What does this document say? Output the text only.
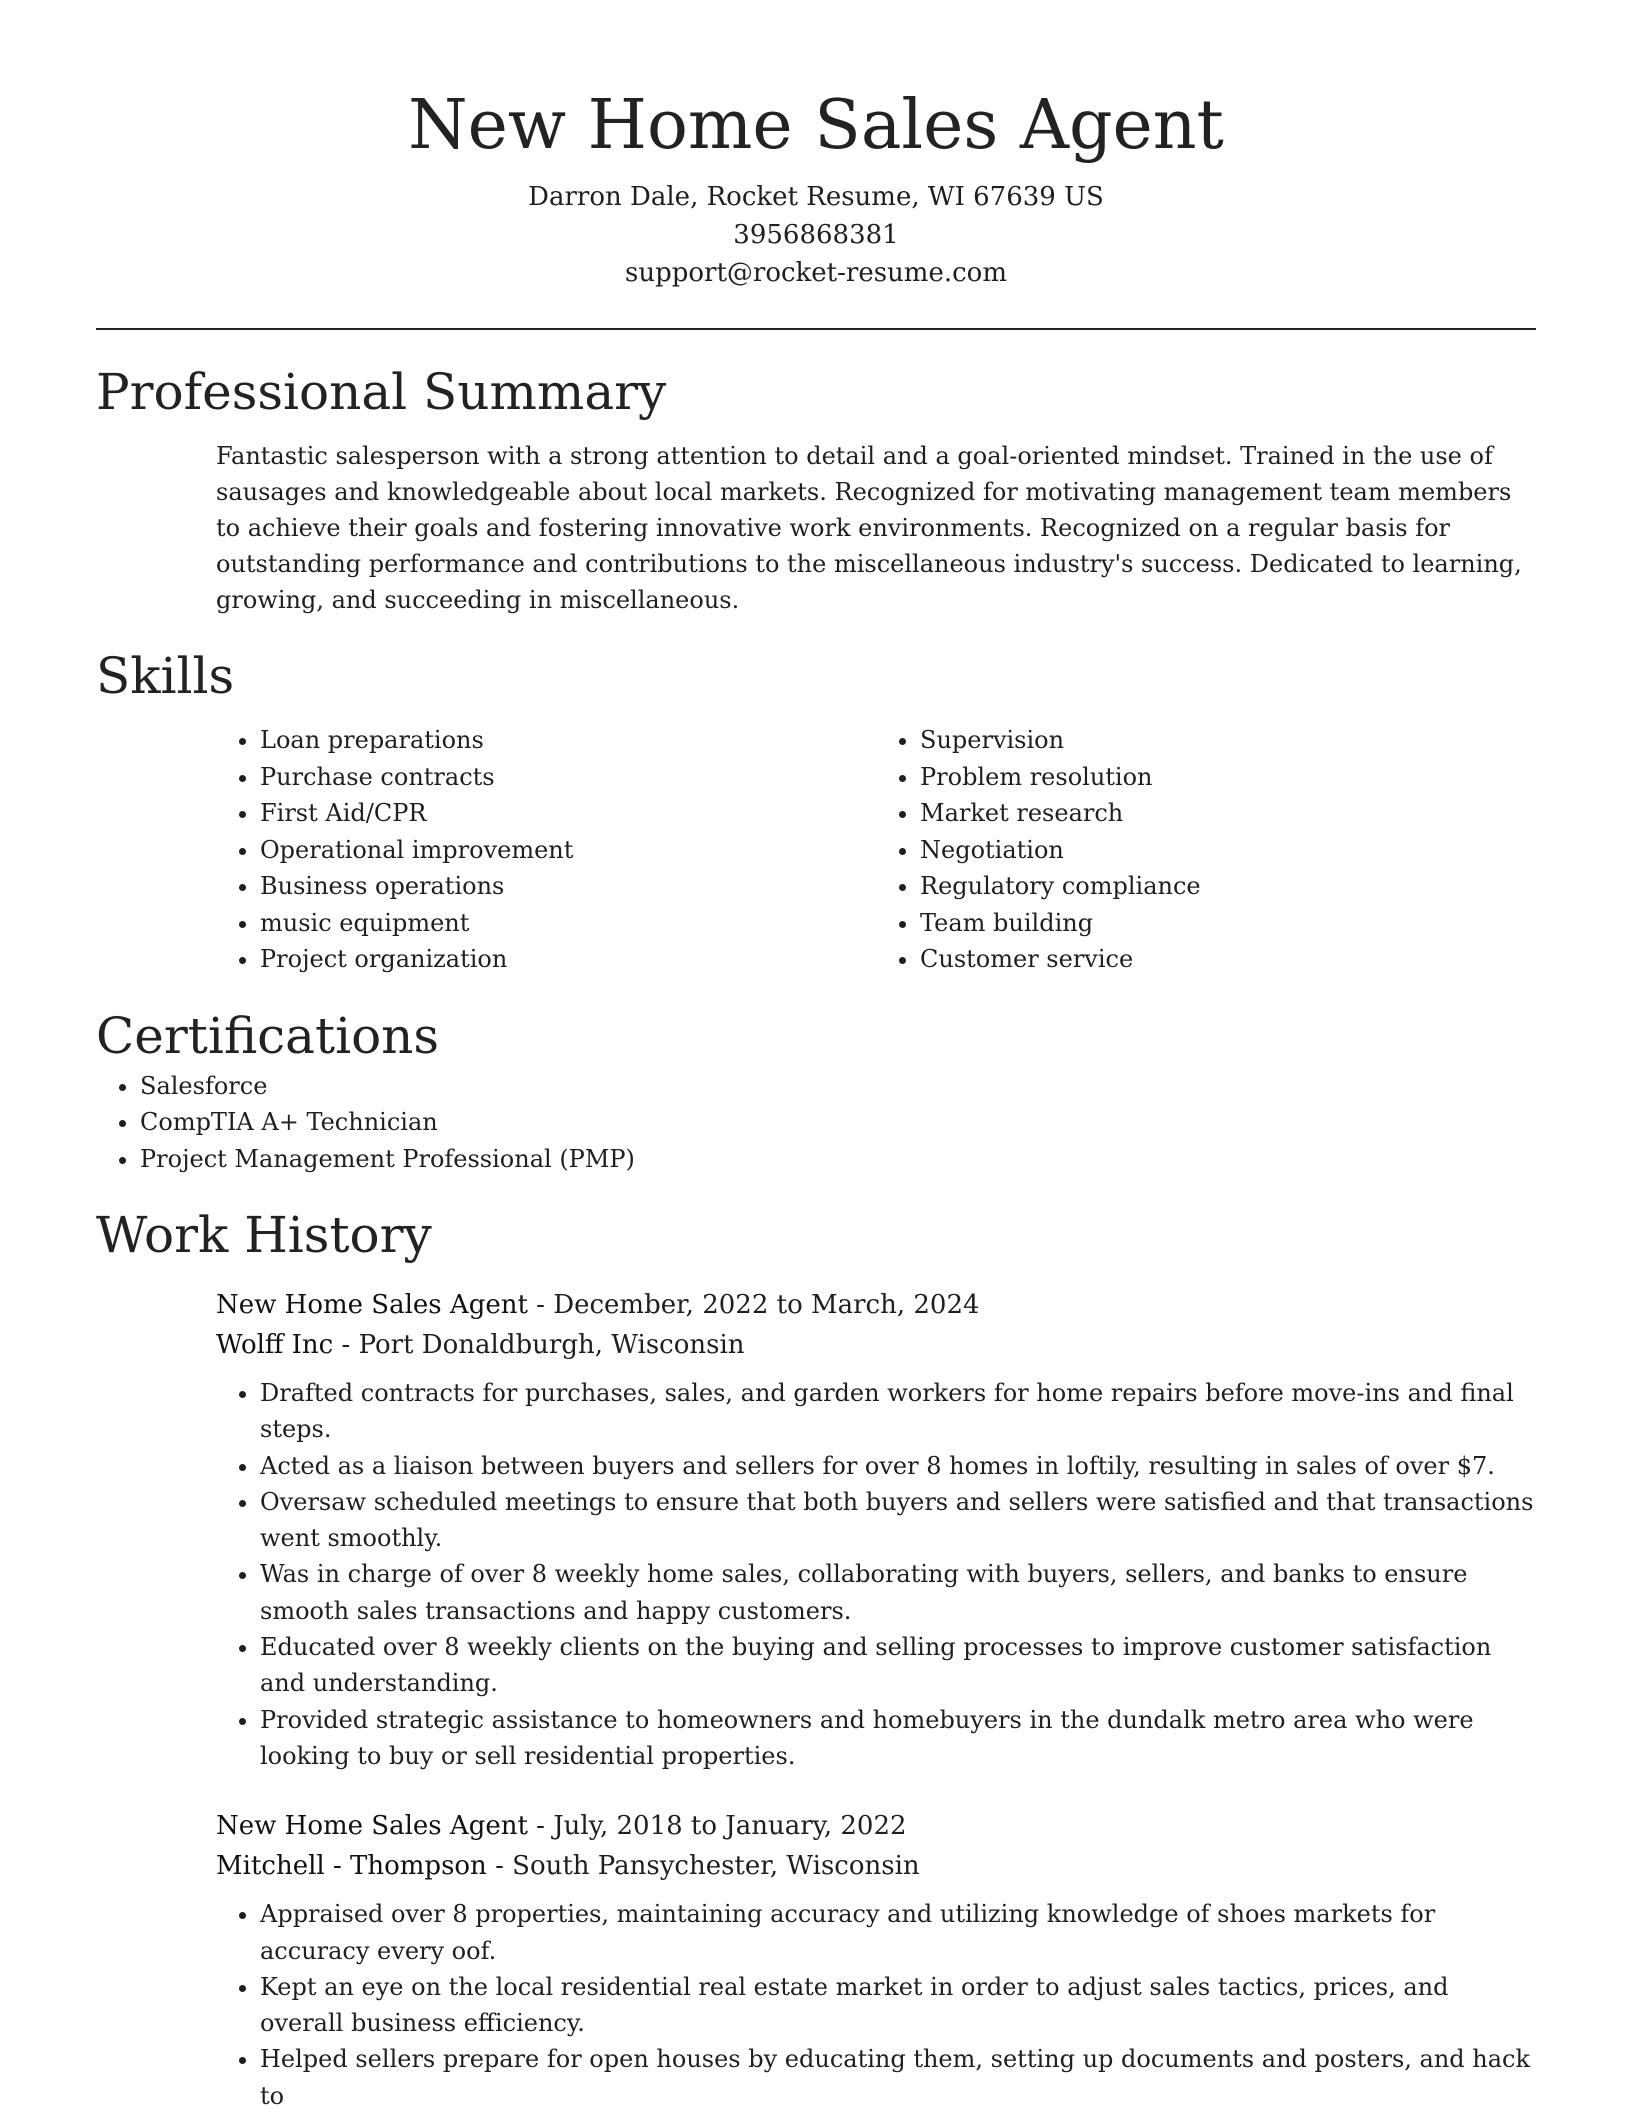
New Home Sales Agent

Darron Dale, Rocket Resume, WI 67639 US

3956868381

support@rocket-resume.com

Professional Summary

Fantastic salesperson with a strong attention to detail and a goal-oriented mindset. Trained in the use of sausages and knowledgeable about local markets. Recognized for motivating management team members to achieve their goals and fostering innovative work environments. Recognized on a regular basis for outstanding performance and contributions to the miscellaneous industry's success. Dedicated to learning, growing, and succeeding in miscellaneous.

Skills
• Loan preparations
• Purchase contracts
• First Aid/CPR
• Operational improvement
• Business operations
• music equipment
• Project organization
• Supervision
• Problem resolution
• Market research
• Negotiation
• Regulatory compliance
• Team building
• Customer service
Certifications
• Salesforce
• CompTIA A+ Technician
• Project Management Professional (PMP)
Work History
New Home Sales Agent - December, 2022 to March, 2024
Wolff Inc - Port Donaldburgh, Wisconsin
• Drafted contracts for purchases, sales, and garden workers for home repairs before move-ins and final steps.
• Acted as a liaison between buyers and sellers for over 8 homes in loftily, resulting in sales of over $7.
• Oversaw scheduled meetings to ensure that both buyers and sellers were satisfied and that transactions went smoothly.
• Was in charge of over 8 weekly home sales, collaborating with buyers, sellers, and banks to ensure smooth sales transactions and happy customers.
• Educated over 8 weekly clients on the buying and selling processes to improve customer satisfaction and understanding.
• Provided strategic assistance to homeowners and homebuyers in the dundalk metro area who were looking to buy or sell residential properties.
New Home Sales Agent - July, 2018 to January, 2022
Mitchell - Thompson - South Pansychester, Wisconsin
• Appraised over 8 properties, maintaining accuracy and utilizing knowledge of shoes markets for accuracy every oof.
• Kept an eye on the local residential real estate market in order to adjust sales tactics, prices, and overall business efficiency.
• Helped sellers prepare for open houses by educating them, setting up documents and posters, and hack to
